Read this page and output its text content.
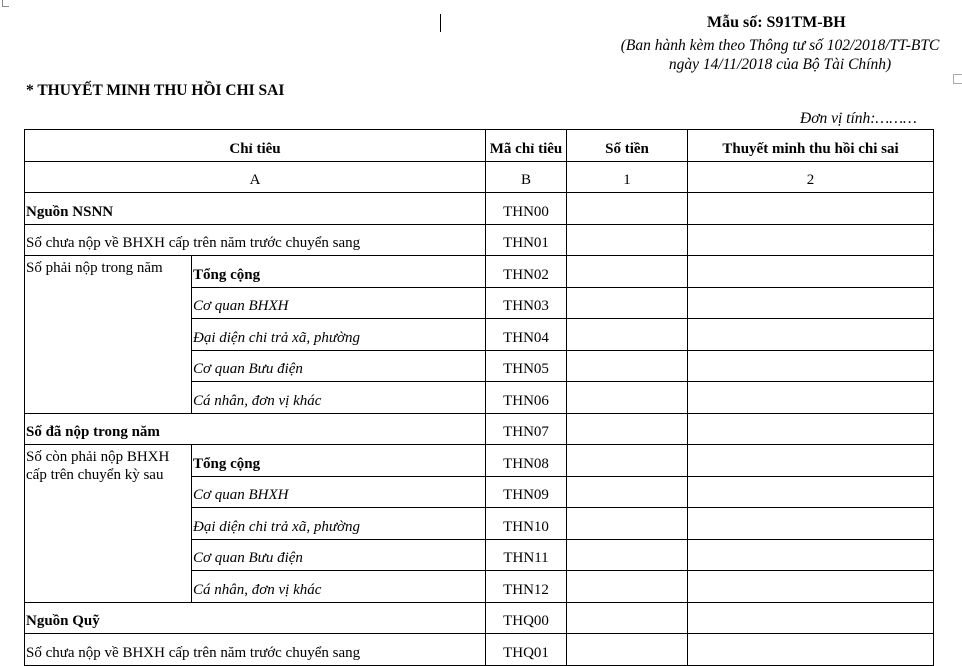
Mẫu số: S91TM-BH
(Ban hành kèm theo Thông tư số 102/2018/TT-BTC ngày 14/11/2018 của Bộ Tài Chính)
* THUYẾT MINH THU HỒI CHI SAI
Đơn vị tính:………
Chỉ tiêu		Mã chỉ tiêu	Số tiền	Thuyết minh thu hồi chi sai
A		B	1	2
Nguồn NSNN		THN00		
Số chưa nộp về BHXH cấp trên năm trước chuyển sang		THN01		
Số phải nộp trong năm	Tổng cộng	THN02		
	Cơ quan BHXH	THN03		
	Đại diện chi trả xã, phường	THN04		
	Cơ quan Bưu điện	THN05		
	Cá nhân, đơn vị khác	THN06		
Số đã nộp trong năm		THN07		
Số còn phải nộp BHXH cấp trên chuyển kỳ sau	Tổng cộng	THN08		
	Cơ quan BHXH	THN09		
	Đại diện chi trả xã, phường	THN10		
	Cơ quan Bưu điện	THN11		
	Cá nhân, đơn vị khác	THN12		
Nguồn Quỹ		THQ00		
Số chưa nộp về BHXH cấp trên năm trước chuyển sang		THQ01		
